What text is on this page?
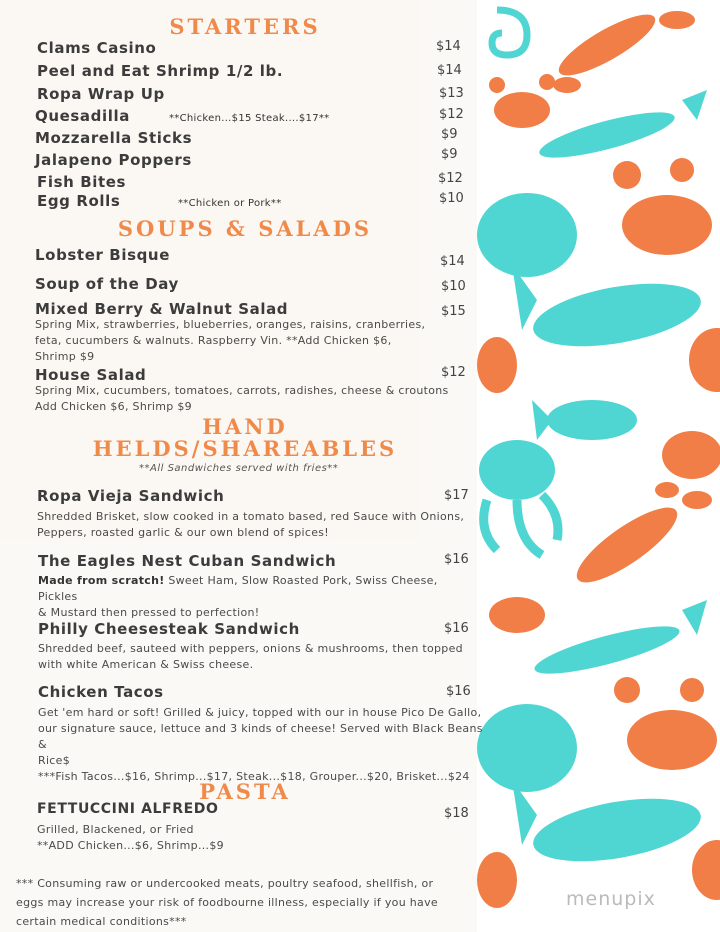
STARTERS
Clams Casino	$14
Peel and Eat Shrimp 1/2 lb.	$14
Ropa Wrap Up	$13
Quesadilla	**Chicken...$15 Steak....$17**	$12
Mozzarella Sticks	$9
Jalapeno Poppers	$9
Fish Bites	$12
Egg Rolls	**Chicken or Pork**	$10
SOUPS & SALADS
Lobster Bisque	$14
Soup of the Day	$10
Mixed Berry & Walnut Salad	$15
Spring Mix, strawberries, blueberries, oranges, raisins, cranberries,
feta, cucumbers & walnuts. Raspberry Vin. **Add Chicken $6,
Shrimp $9
House Salad	$12
Spring Mix, cucumbers, tomatoes, carrots, radishes, cheese & croutons
Add Chicken $6, Shrimp $9
HAND
HELDS/SHAREABLES
**All Sandwiches served with fries**
Ropa Vieja Sandwich	$17
Shredded Brisket, slow cooked in a tomato based, red Sauce with Onions,
Peppers, roasted garlic & our own blend of spices!
The Eagles Nest Cuban Sandwich	$16
Made from scratch! Sweet Ham, Slow Roasted Pork, Swiss Cheese, Pickles
& Mustard then pressed to perfection!
Philly Cheesesteak Sandwich	$16
Shredded beef, sauteed with peppers, onions & mushrooms, then topped
with white American & Swiss cheese.
Chicken Tacos	$16
Get 'em hard or soft! Grilled & juicy, topped with our in house Pico De Gallo,
our signature sauce, lettuce and 3 kinds of cheese! Served with Black Beans &
Rice$
***Fish Tacos...$16, Shrimp...$17, Steak...$18, Grouper...$20, Brisket...$24
PASTA
FETTUCCINI ALFREDO	$18
Grilled, Blackened, or Fried
**ADD Chicken...$6, Shrimp...$9
*** Consuming raw or undercooked meats, poultry seafood, shellfish, or
eggs may increase your risk of foodbourne illness, especially if you have
certain medical conditions***
menupix
